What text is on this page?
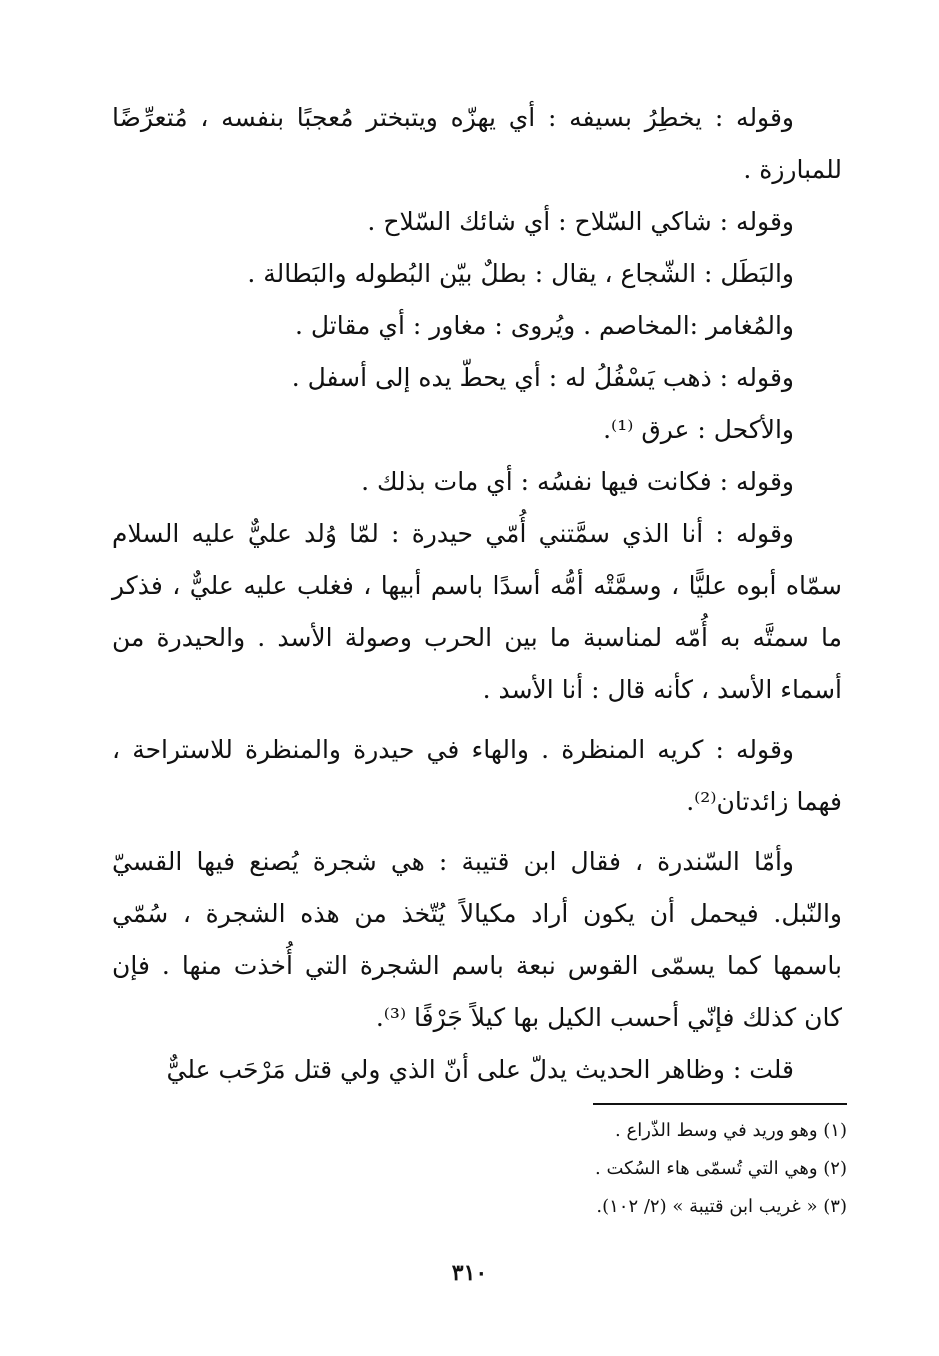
وقوله : يخطِرُ بسيفه : أي يهزّه ويتبختر مُعجبًا بنفسه ، مُتعرِّضًا للمبارزة .

وقوله : شاكي السّلاح : أي شائك السّلاح .

والبَطَل : الشّجاع ، يقال : بطلٌ بيّن البُطوله والبَطالة .

والمُغامر :المخاصم . ويُروى : مغاور : أي مقاتل .

وقوله : ذهب يَسْفُلُ له : أي يحطّ يده إلى أسفل .

والأكحل : عرق ⁽¹⁾.

وقوله : فكانت فيها نفسُه : أي مات بذلك .

وقوله : أنا الذي سمَّتني أُمّي حيدرة : لمّا وُلد عليٌّ عليه السلام سمّاه أبوه عليًّا ، وسمَّتْه أمُّه أسدًا باسم أبيها ، فغلب عليه عليٌّ ، فذكر ما سمتَّه به أُمّه لمناسبة ما بين الحرب وصولة الأسد . والحيدرة من أسماء الأسد ، كأنه قال : أنا الأسد .

وقوله : كريه المنظرة . والهاء في حيدرة والمنظرة للاستراحة ، فهما زائدتان⁽²⁾.

وأمّا السّندرة ، فقال ابن قتيبة : هي شجرة يُصنع فيها القسيّ والنّبل. فيحمل أن يكون أراد مكيالاً يُتّخذ من هذه الشجرة ، سُمّي باسمها كما يسمّى القوس نبعة باسم الشجرة التي أُخذت منها . فإن كان كذلك فإنّي أحسب الكيل بها كيلاً جَرْفًا ⁽³⁾.

قلت : وظاهر الحديث يدلّ على أنّ الذي ولي قتل مَرْحَب عليٌّ

(١) وهو وريد في وسط الذّراع .
(٢) وهي التي تُسمّى هاء السُكت .
(٣) « غريب ابن قتيبة » (٢/ ١٠٢).
٣١٠
